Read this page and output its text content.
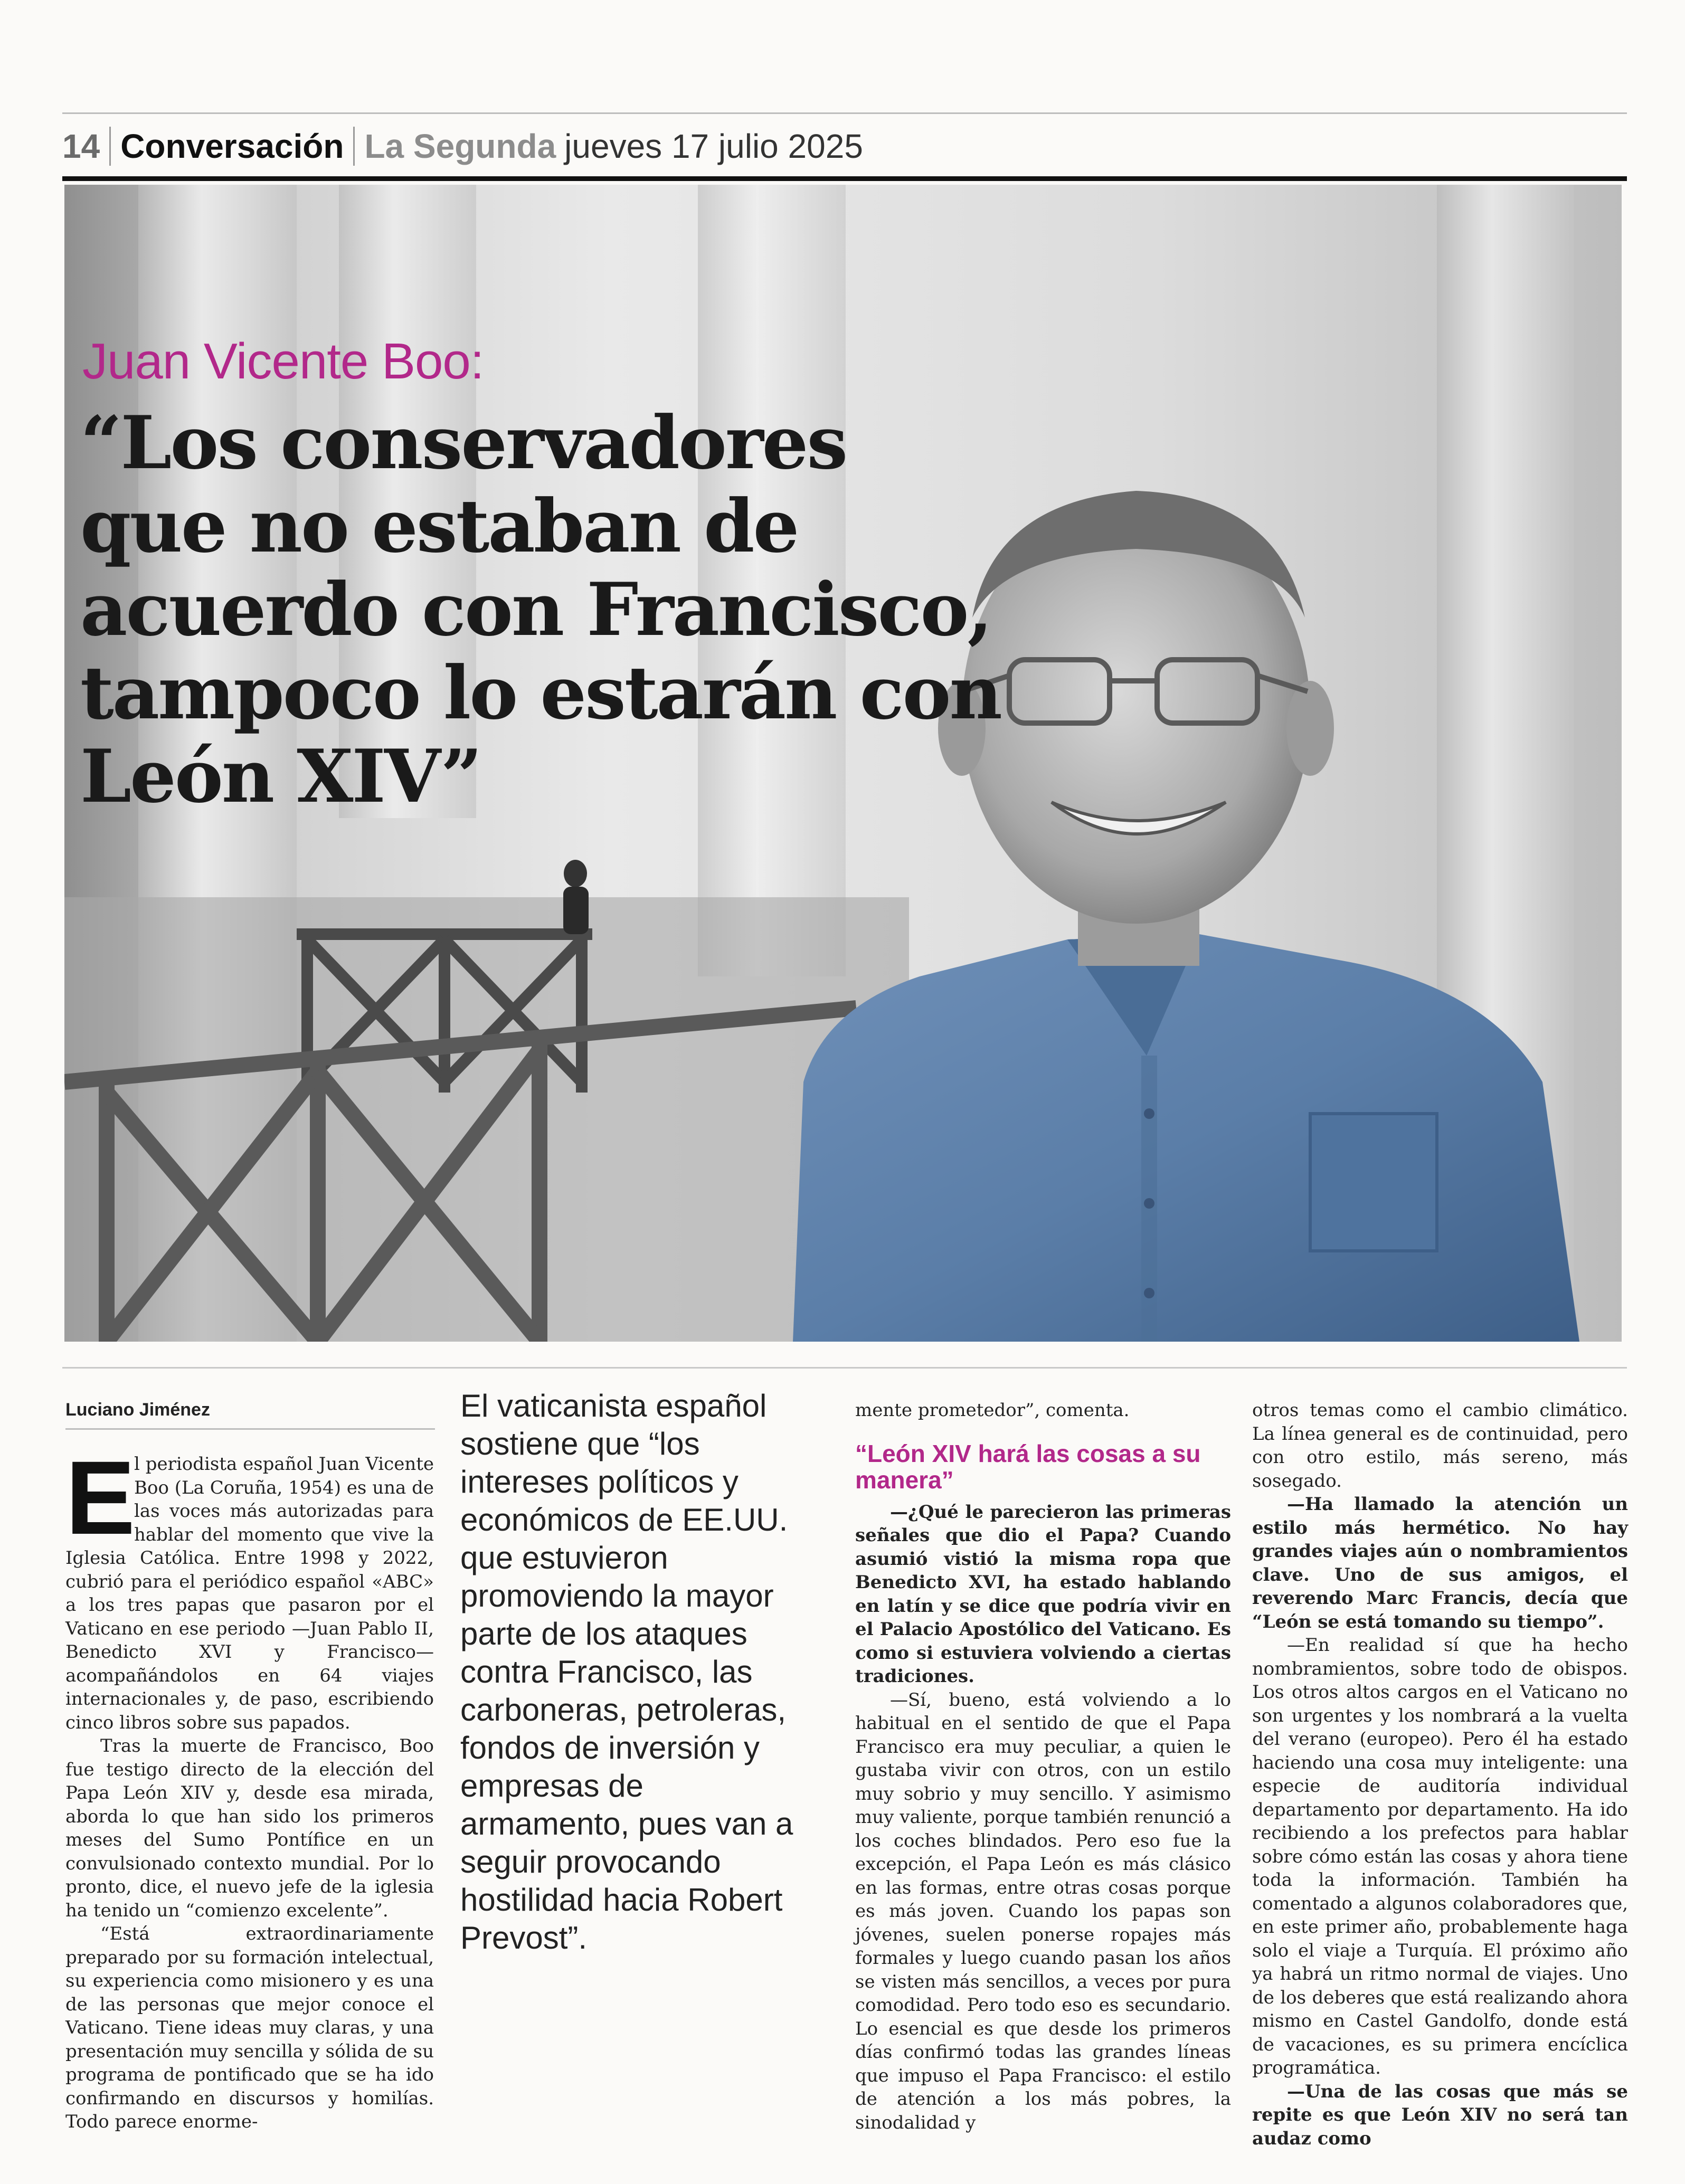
14 Conversación La Segunda jueves 17 julio 2025
Juan Vicente Boo:
“Los conservadores que no estaban de acuerdo con Francisco, tampoco lo estarán con León XIV”
Luciano Jiménez

E
l periodista español Juan Vicente Boo (La Coruña, 1954) es una de las voces más autorizadas para hablar del momento que vive la Iglesia Católica. Entre 1998 y 2022, cubrió para el periódico español «ABC» a los tres papas que pasaron por el Vaticano en ese periodo —Juan Pablo II, Benedicto XVI y Francisco— acompañándolos en 64 viajes internacionales y, de paso, escribiendo cinco libros sobre sus papados.

Tras la muerte de Francisco, Boo fue testigo directo de la elección del Papa León XIV y, desde esa mirada, aborda lo que han sido los primeros meses del Sumo Pontífice en un convulsionado contexto mundial. Por lo pronto, dice, el nuevo jefe de la iglesia ha tenido un “comienzo excelente”.

“Está extraordinariamente preparado por su formación intelectual, su experiencia como misionero y es una de las personas que mejor conoce el Vaticano. Tiene ideas muy claras, y una presentación muy sencilla y sólida de su programa de pontificado que se ha ido confirmando en discursos y homilías. Todo parece enorme-

El vaticanista español sostiene que “los intereses políticos y económicos de EE.UU. que estuvieron promoviendo la mayor parte de los ataques contra Francisco, las carboneras, petroleras, fondos de inversión y empresas de armamento, pues van a seguir provocando hostilidad hacia Robert Prevost”.

mente prometedor”, comenta.

“León XIV hará las cosas a su manera”

—¿Qué le parecieron las primeras señales que dio el Papa? Cuando asumió vistió la misma ropa que Benedicto XVI, ha estado hablando en latín y se dice que podría vivir en el Palacio Apostólico del Vaticano. Es como si estuviera volviendo a ciertas tradiciones.

—Sí, bueno, está volviendo a lo habitual en el sentido de que el Papa Francisco era muy peculiar, a quien le gustaba vivir con otros, con un estilo muy sobrio y muy sencillo. Y asimismo muy valiente, porque también renunció a los coches blindados. Pero eso fue la excepción, el Papa León es más clásico en las formas, entre otras cosas porque es más joven. Cuando los papas son jóvenes, suelen ponerse ropajes más formales y luego cuando pasan los años se visten más sencillos, a veces por pura comodidad. Pero todo eso es secundario. Lo esencial es que desde los primeros días confirmó todas las grandes líneas que impuso el Papa Francisco: el estilo de atención a los más pobres, la sinodalidad y

otros temas como el cambio climático. La línea general es de continuidad, pero con otro estilo, más sereno, más sosegado.

—Ha llamado la atención un estilo más hermético. No hay grandes viajes aún o nombramientos clave. Uno de sus amigos, el reverendo Marc Francis, decía que “León se está tomando su tiempo”.

—En realidad sí que ha hecho nombramientos, sobre todo de obispos. Los otros altos cargos en el Vaticano no son urgentes y los nombrará a la vuelta del verano (europeo). Pero él ha estado haciendo una cosa muy inteligente: una especie de auditoría individual departamento por departamento. Ha ido recibiendo a los prefectos para hablar sobre cómo están las cosas y ahora tiene toda la información. También ha comentado a algunos colaboradores que, en este primer año, probablemente haga solo el viaje a Turquía. El próximo año ya habrá un ritmo normal de viajes. Uno de los deberes que está realizando ahora mismo en Castel Gandolfo, donde está de vacaciones, es su primera encíclica programática.

—Una de las cosas que más se repite es que León XIV no será tan audaz como
